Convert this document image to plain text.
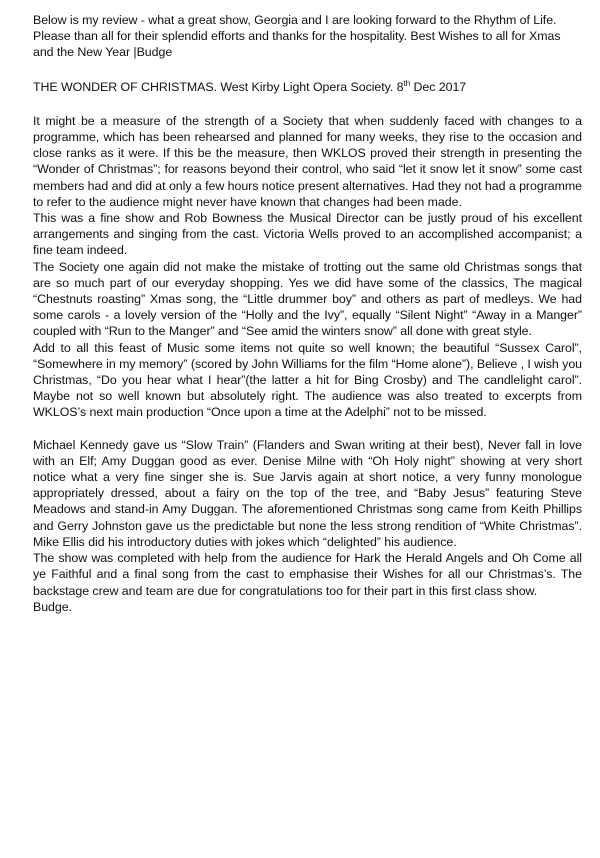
Below is my review - what a great show, Georgia and I are looking forward to the Rhythm of Life. Please than all for their splendid efforts and thanks for the hospitality. Best Wishes to all for Xmas and the New Year |Budge

THE WONDER OF CHRISTMAS. West Kirby Light Opera Society. 8th Dec 2017

It might be a measure of the strength of a Society that when suddenly faced with changes to a programme, which has been rehearsed and planned for many weeks, they rise to the occasion and close ranks as it were. If this be the measure, then WKLOS proved their strength in presenting the “Wonder of Christmas”; for reasons beyond their control, who said “let it snow let it snow” some cast members had and did at only a few hours notice present alternatives. Had they not had a programme to refer to the audience might never have known that changes had been made.

This was a fine show and Rob Bowness the Musical Director can be justly proud of his excellent arrangements and singing from the cast. Victoria Wells proved to an accomplished accompanist; a fine team indeed.

The Society one again did not make the mistake of trotting out the same old Christmas songs that are so much part of our everyday shopping. Yes we did have some of the classics, The magical “Chestnuts roasting” Xmas song, the “Little drummer boy” and others as part of medleys. We had some carols - a lovely version of the “Holly and the Ivy”, equally “Silent Night” “Away in a Manger” coupled with “Run to the Manger” and “See amid the winters snow” all done with great style.

Add to all this feast of Music some items not quite so well known; the beautiful “Sussex Carol”, “Somewhere in my memory” (scored by John Williams for the film “Home alone”), Believe , I wish you Christmas, “Do you hear what I hear”(the latter a hit for Bing Crosby) and The candlelight carol”. Maybe not so well known but absolutely right. The audience was also treated to excerpts from WKLOS’s next main production “Once upon a time at the Adelphi” not to be missed.

Michael Kennedy gave us “Slow Train” (Flanders and Swan writing at their best), Never fall in love with an Elf; Amy Duggan good as ever. Denise Milne with “Oh Holy night” showing at very short notice what a very fine singer she is. Sue Jarvis again at short notice, a very funny monologue appropriately dressed, about a fairy on the top of the tree, and “Baby Jesus” featuring Steve Meadows and stand-in Amy Duggan. The aforementioned Christmas song came from Keith Phillips and Gerry Johnston gave us the predictable but none the less strong rendition of “White Christmas”. Mike Ellis did his introductory duties with jokes which “delighted” his audience.

The show was completed with help from the audience for Hark the Herald Angels and Oh Come all ye Faithful and a final song from the cast to emphasise their Wishes for all our Christmas’s. The backstage crew and team are due for congratulations too for their part in this first class show.

Budge.
